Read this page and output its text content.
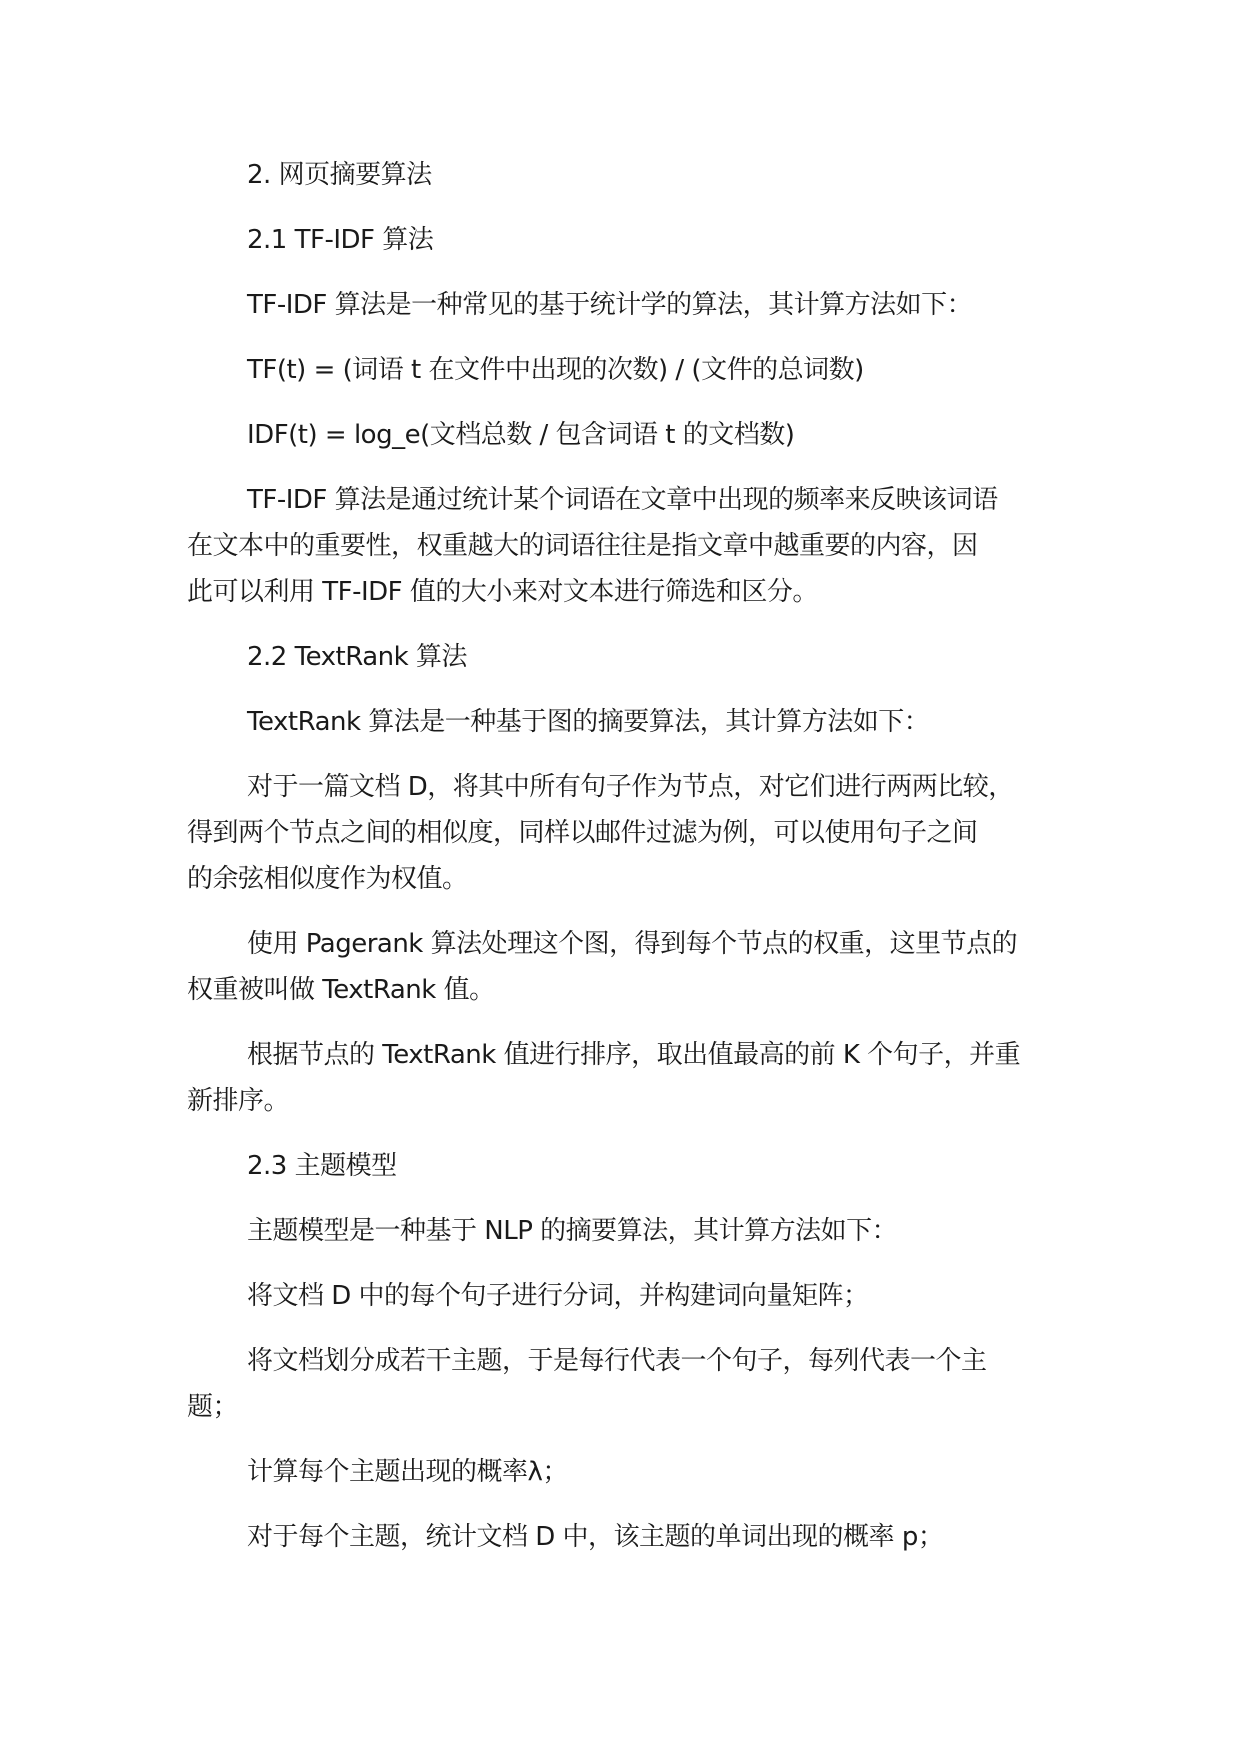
2. 网页摘要算法
2.1 TF-IDF 算法
TF-IDF 算法是一种常见的基于统计学的算法，其计算方法如下：
TF(t) = (词语 t 在文件中出现的次数) / (文件的总词数)
IDF(t) = log_e(文档总数 / 包含词语 t 的文档数)
TF-IDF 算法是通过统计某个词语在文章中出现的频率来反映该词语
在文本中的重要性，权重越大的词语往往是指文章中越重要的内容，因
此可以利用 TF-IDF 值的大小来对文本进行筛选和区分。
2.2 TextRank 算法
TextRank 算法是一种基于图的摘要算法，其计算方法如下：
对于一篇文档 D，将其中所有句子作为节点，对它们进行两两比较，
得到两个节点之间的相似度，同样以邮件过滤为例，可以使用句子之间
的余弦相似度作为权值。
使用 Pagerank 算法处理这个图，得到每个节点的权重，这里节点的
权重被叫做 TextRank 值。
根据节点的 TextRank 值进行排序，取出值最高的前 K 个句子，并重
新排序。
2.3 主题模型
主题模型是一种基于 NLP 的摘要算法，其计算方法如下：
将文档 D 中的每个句子进行分词，并构建词向量矩阵；
将文档划分成若干主题，于是每行代表一个句子，每列代表一个主
题；
计算每个主题出现的概率λ；
对于每个主题，统计文档 D 中，该主题的单词出现的概率 p；
